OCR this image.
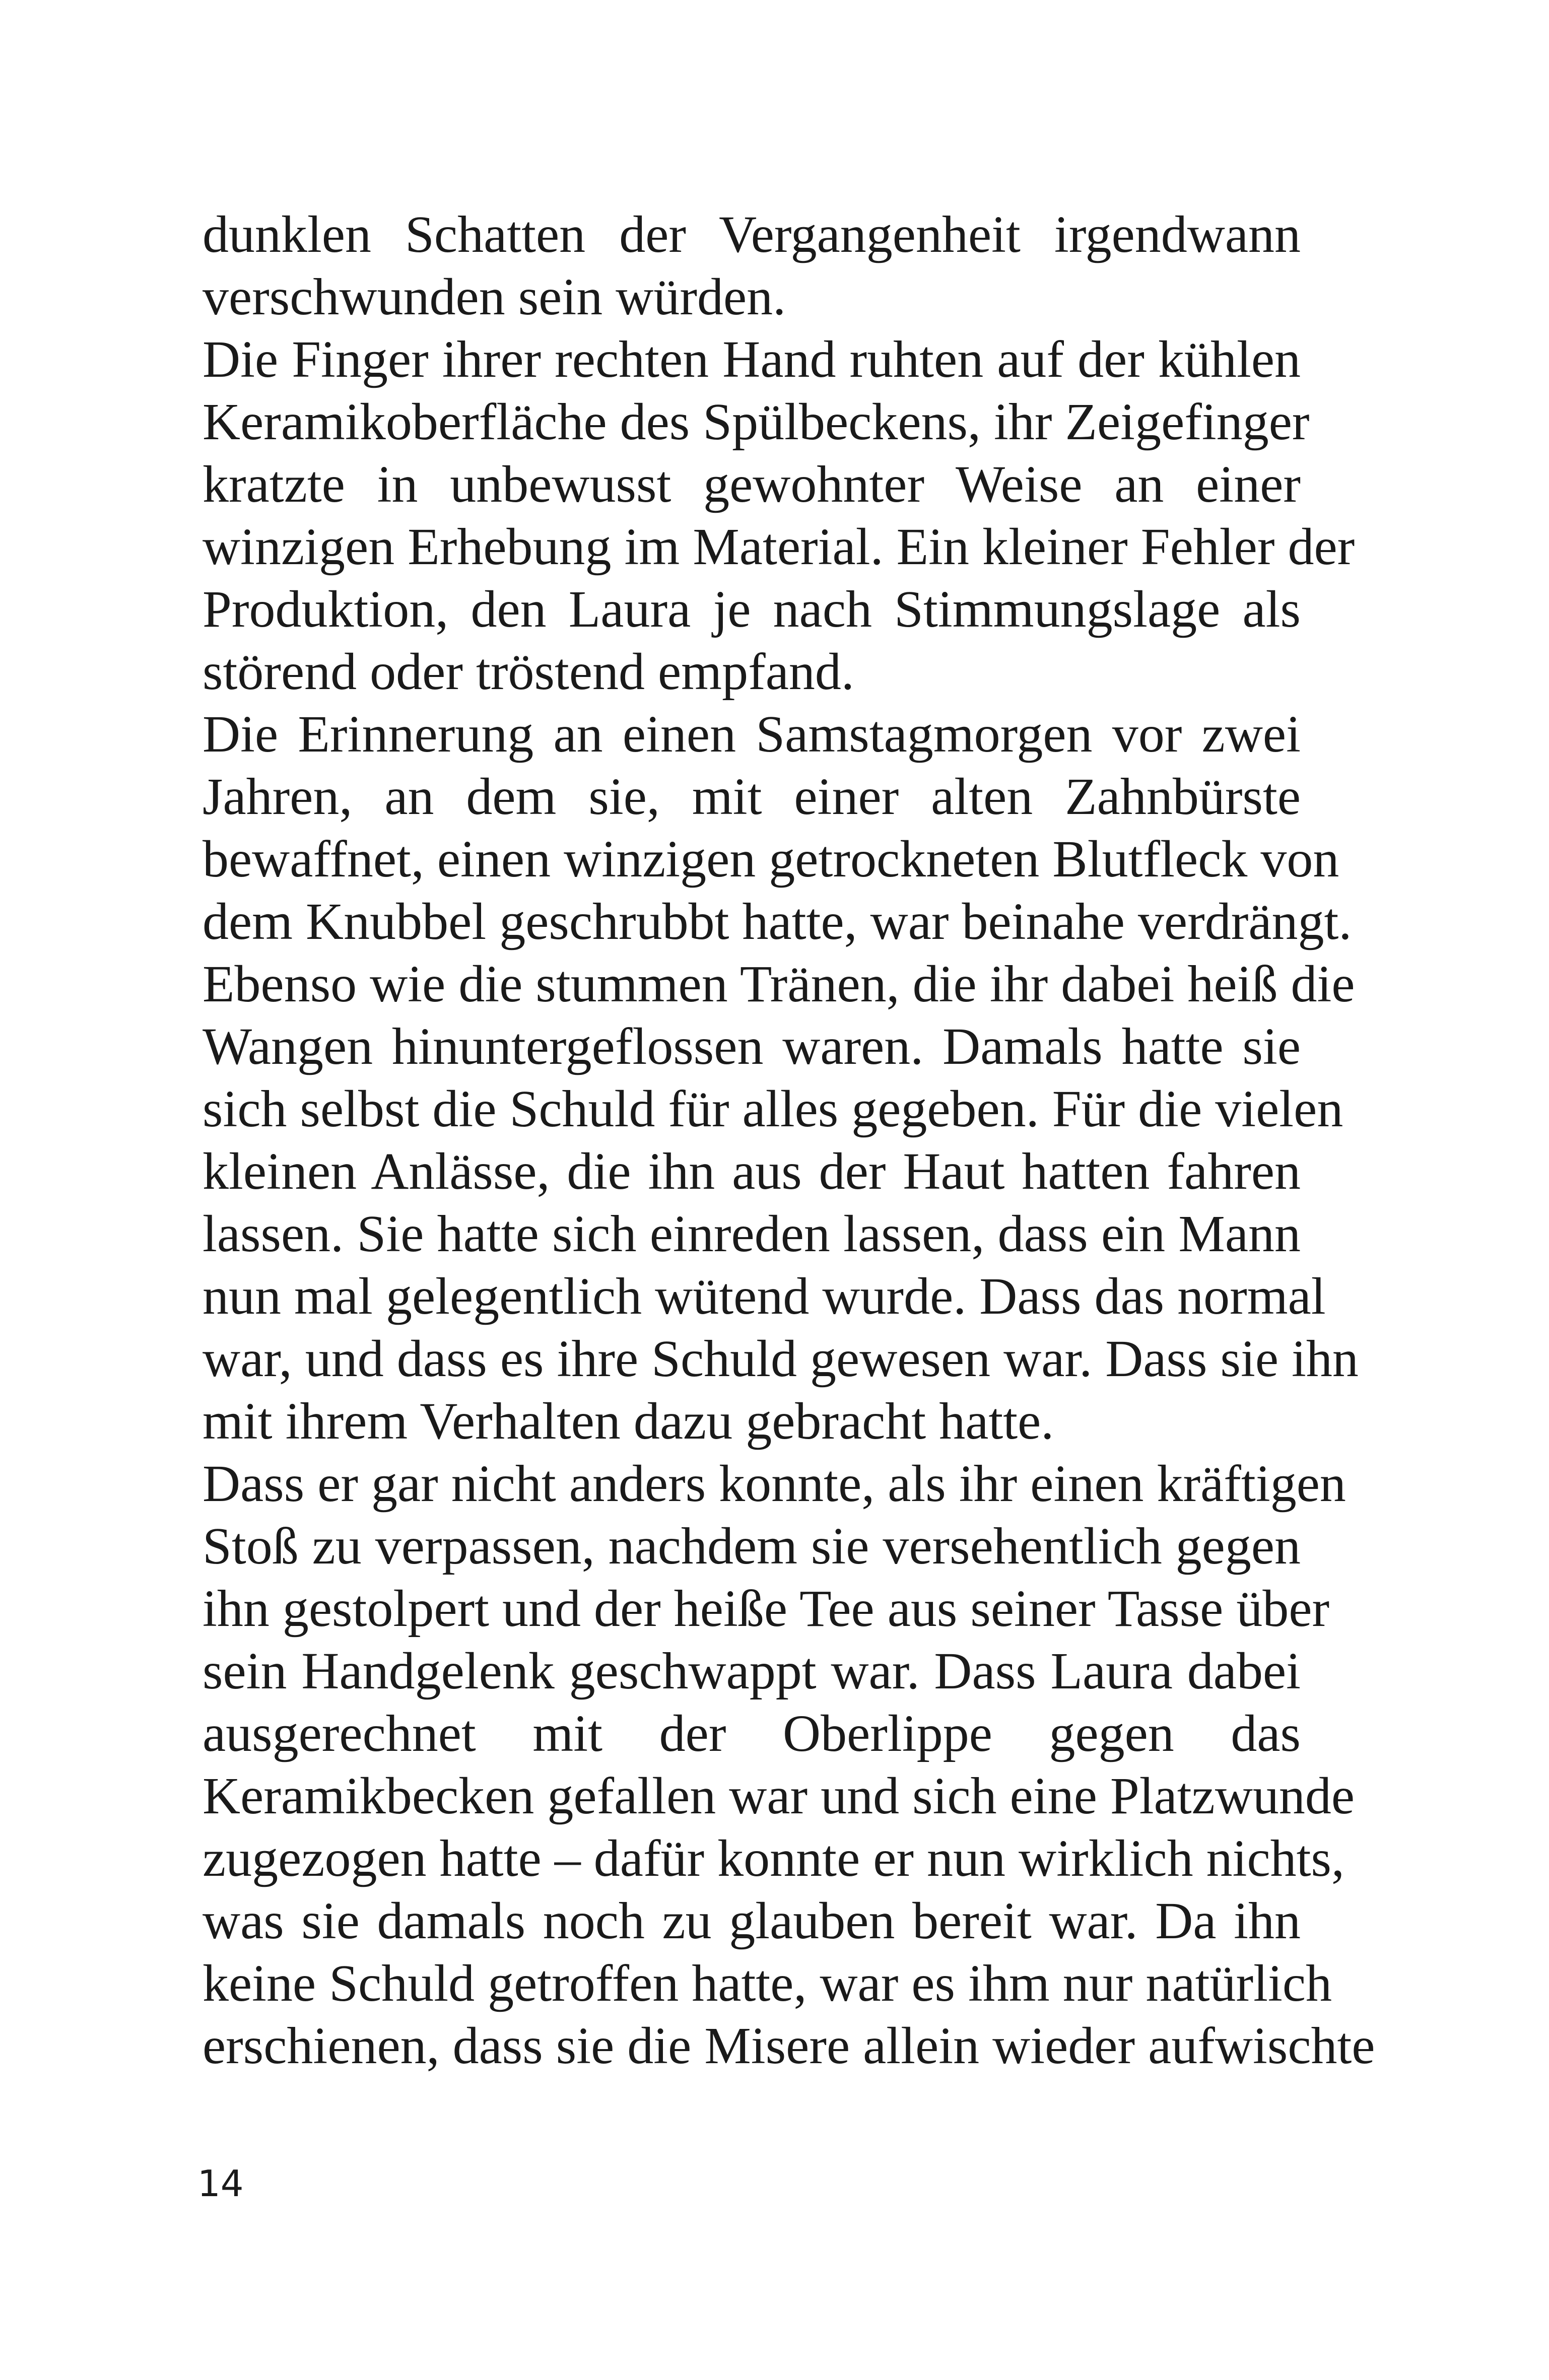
dunklen Schatten der Vergangenheit irgendwann
verschwunden sein würden.
Die Finger ihrer rechten Hand ruhten auf der kühlen
Keramikoberfläche des Spülbeckens, ihr Zeigefinger
kratzte in unbewusst gewohnter Weise an einer
winzigen Erhebung im Material. Ein kleiner Fehler der
Produktion, den Laura je nach Stimmungslage als
störend oder tröstend empfand.
Die Erinnerung an einen Samstagmorgen vor zwei
Jahren, an dem sie, mit einer alten Zahnbürste
bewaffnet, einen winzigen getrockneten Blutfleck von
dem Knubbel geschrubbt hatte, war beinahe verdrängt.
Ebenso wie die stummen Tränen, die ihr dabei heiß die
Wangen hinuntergeflossen waren. Damals hatte sie
sich selbst die Schuld für alles gegeben. Für die vielen
kleinen Anlässe, die ihn aus der Haut hatten fahren
lassen. Sie hatte sich einreden lassen, dass ein Mann
nun mal gelegentlich wütend wurde. Dass das normal
war, und dass es ihre Schuld gewesen war. Dass sie ihn
mit ihrem Verhalten dazu gebracht hatte.
Dass er gar nicht anders konnte, als ihr einen kräftigen
Stoß zu verpassen, nachdem sie versehentlich gegen
ihn gestolpert und der heiße Tee aus seiner Tasse über
sein Handgelenk geschwappt war. Dass Laura dabei
ausgerechnet mit der Oberlippe gegen das
Keramikbecken gefallen war und sich eine Platzwunde
zugezogen hatte – dafür konnte er nun wirklich nichts,
was sie damals noch zu glauben bereit war. Da ihn
keine Schuld getroffen hatte, war es ihm nur natürlich
erschienen, dass sie die Misere allein wieder aufwischte
14
